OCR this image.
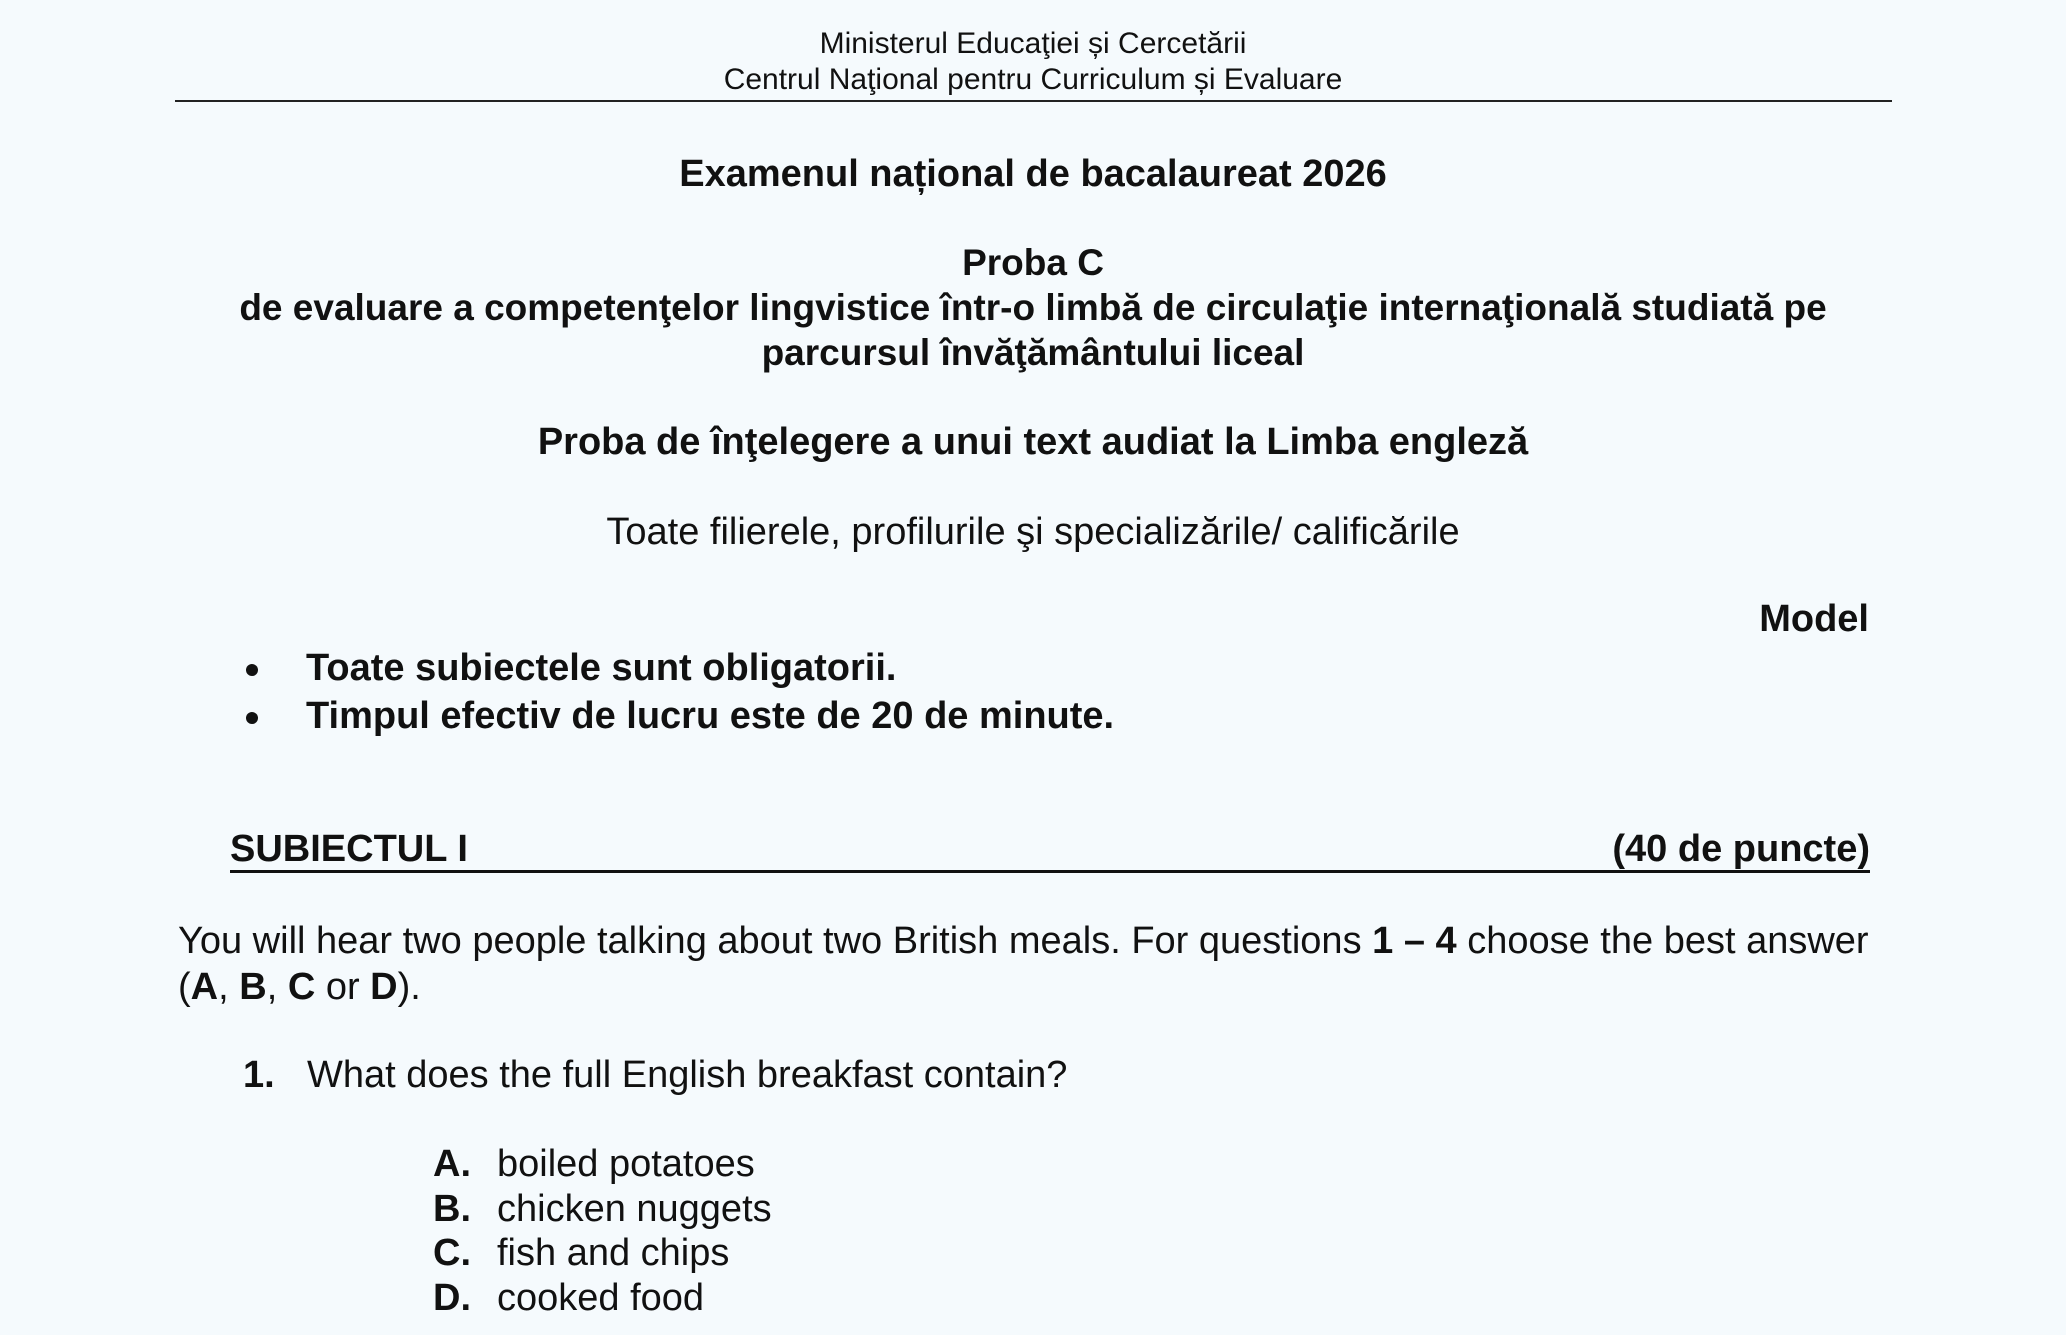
Ministerul Educaţiei și Cercetării
Centrul Naţional pentru Curriculum și Evaluare
Examenul național de bacalaureat 2026
Proba C
de evaluare a competenţelor lingvistice într-o limbă de circulaţie internaţională studiată pe
parcursul învăţământului liceal
Proba de înţelegere a unui text audiat la Limba engleză
Toate filierele, profilurile şi specializările/ calificările
Model
Toate subiectele sunt obligatorii.
Timpul efectiv de lucru este de 20 de minute.
SUBIECTUL I	(40 de puncte)
You will hear two people talking about two British meals. For questions 1 – 4 choose the best answer (A, B, C or D).
1. What does the full English breakfast contain?
A. boiled potatoes
B. chicken nuggets
C. fish and chips
D. cooked food
